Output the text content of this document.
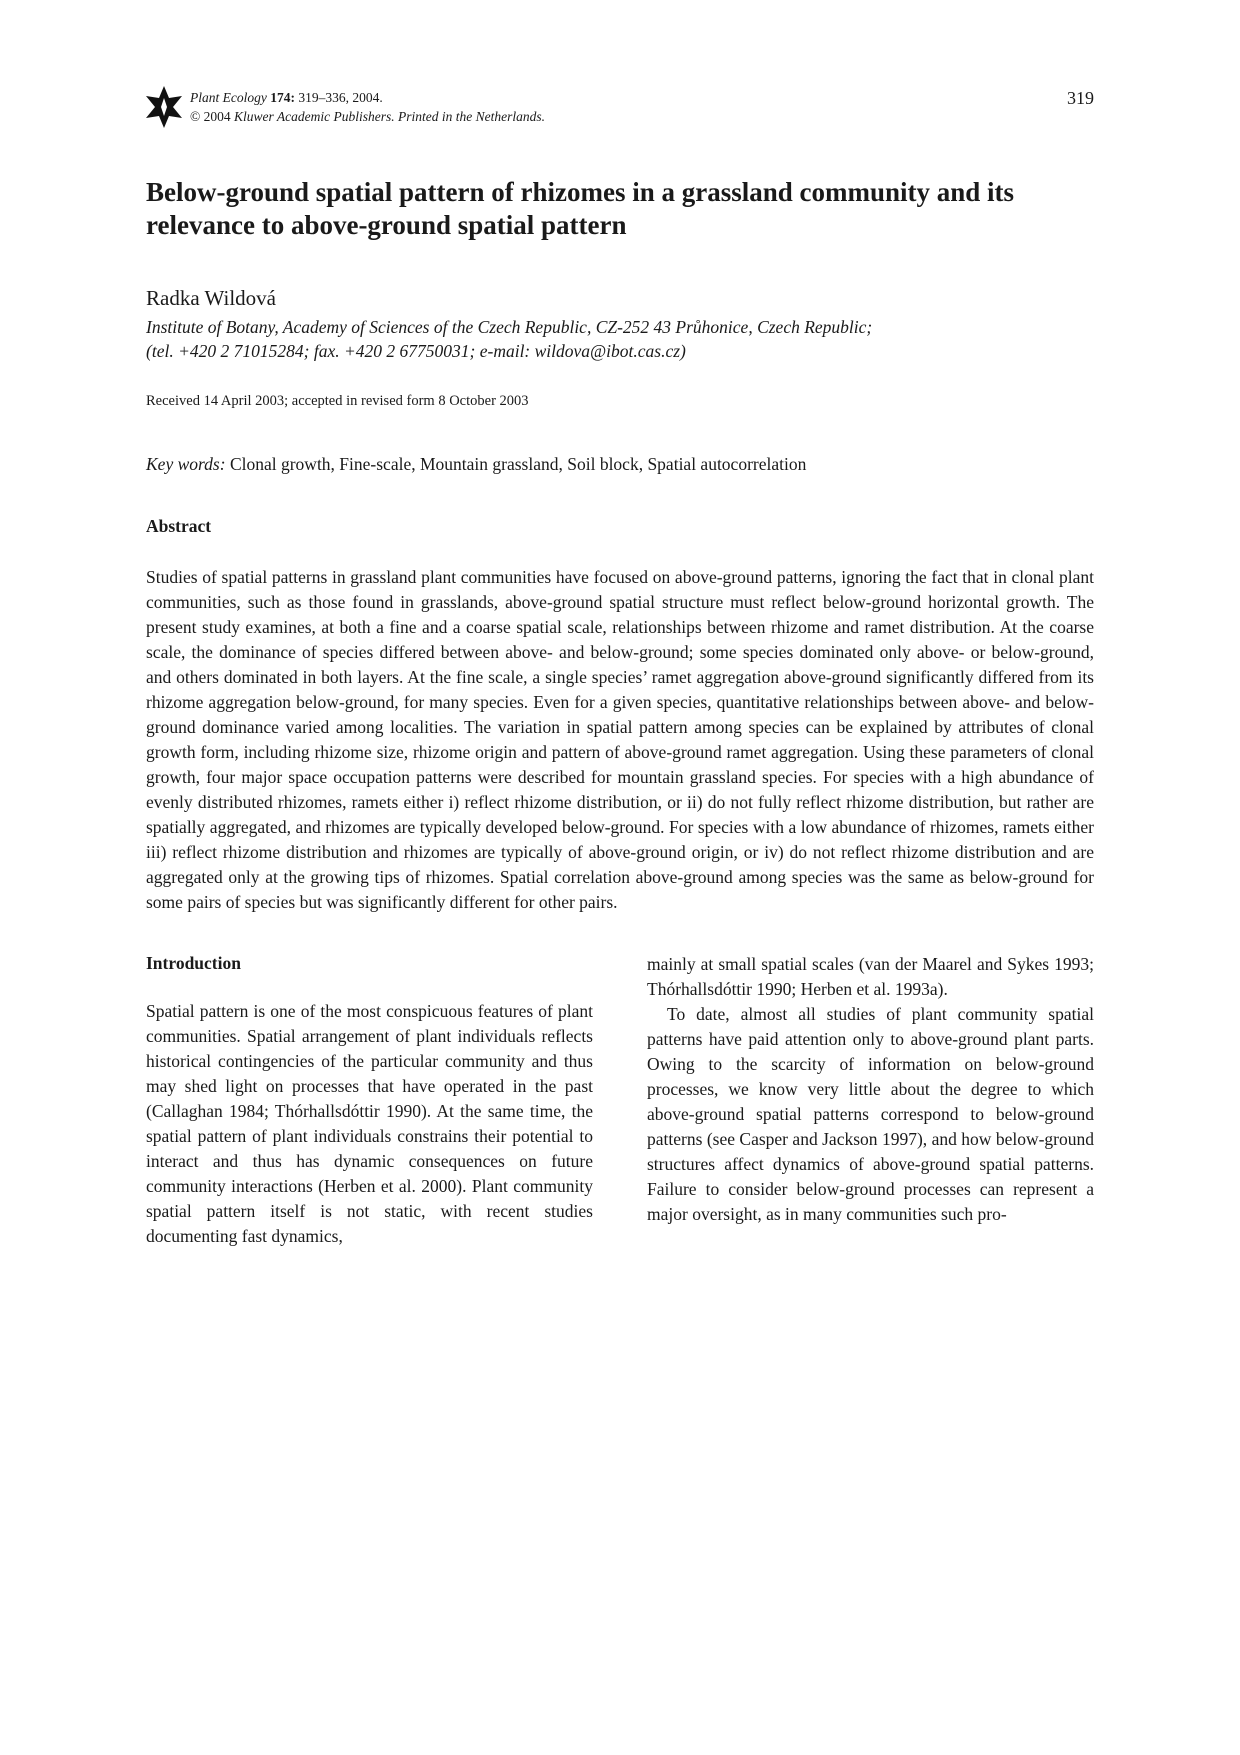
Plant Ecology 174: 319–336, 2004.
© 2004 Kluwer Academic Publishers. Printed in the Netherlands.
319
Below-ground spatial pattern of rhizomes in a grassland community and its relevance to above-ground spatial pattern
Radka Wildová
Institute of Botany, Academy of Sciences of the Czech Republic, CZ-252 43 Průhonice, Czech Republic;
(tel. +420 2 71015284; fax. +420 2 67750031; e-mail: wildova@ibot.cas.cz)
Received 14 April 2003; accepted in revised form 8 October 2003
Key words: Clonal growth, Fine-scale, Mountain grassland, Soil block, Spatial autocorrelation
Abstract
Studies of spatial patterns in grassland plant communities have focused on above-ground patterns, ignoring the fact that in clonal plant communities, such as those found in grasslands, above-ground spatial structure must reflect below-ground horizontal growth. The present study examines, at both a fine and a coarse spatial scale, relationships between rhizome and ramet distribution. At the coarse scale, the dominance of species differed between above- and below-ground; some species dominated only above- or below-ground, and others dominated in both layers. At the fine scale, a single species’ ramet aggregation above-ground significantly differed from its rhizome aggregation below-ground, for many species. Even for a given species, quantitative relationships between above- and below-ground dominance varied among localities. The variation in spatial pattern among species can be explained by attributes of clonal growth form, including rhizome size, rhizome origin and pattern of above-ground ramet aggregation. Using these parameters of clonal growth, four major space occupation patterns were described for mountain grassland species. For species with a high abundance of evenly distributed rhizomes, ramets either i) reflect rhizome distribution, or ii) do not fully reflect rhizome distribution, but rather are spatially aggregated, and rhizomes are typically developed below-ground. For species with a low abundance of rhizomes, ramets either iii) reflect rhizome distribution and rhizomes are typically of above-ground origin, or iv) do not reflect rhizome distribution and are aggregated only at the growing tips of rhizomes. Spatial correlation above-ground among species was the same as below-ground for some pairs of species but was significantly different for other pairs.
Introduction

Spatial pattern is one of the most conspicuous features of plant communities. Spatial arrangement of plant individuals reflects historical contingencies of the particular community and thus may shed light on processes that have operated in the past (Callaghan 1984; Thórhallsdóttir 1990). At the same time, the spatial pattern of plant individuals constrains their potential to interact and thus has dynamic consequences on future community interactions (Herben et al. 2000). Plant community spatial pattern itself is not static, with recent studies documenting fast dynamics,

mainly at small spatial scales (van der Maarel and Sykes 1993; Thórhallsdóttir 1990; Herben et al. 1993a).

To date, almost all studies of plant community spatial patterns have paid attention only to above-ground plant parts. Owing to the scarcity of information on below-ground processes, we know very little about the degree to which above-ground spatial patterns correspond to below-ground patterns (see Casper and Jackson 1997), and how below-ground structures affect dynamics of above-ground spatial patterns. Failure to consider below-ground processes can represent a major oversight, as in many communities such pro-
